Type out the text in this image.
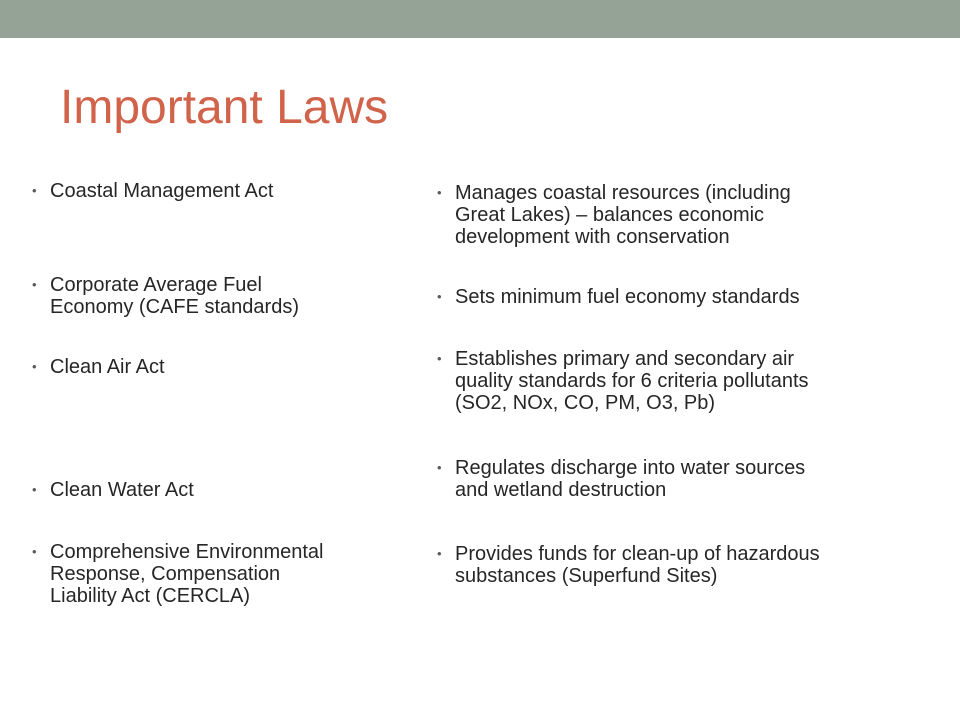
Important Laws
• Coastal Management Act
• Corporate Average Fuel
Economy (CAFE standards)
• Clean Air Act
• Clean Water Act
• Comprehensive Environmental
Response, Compensation
Liability Act (CERCLA)
• Manages coastal resources (including
Great Lakes) – balances economic
development with conservation
• Sets minimum fuel economy standards
• Establishes primary and secondary air
quality standards for 6 criteria pollutants
(SO2, NOx, CO, PM, O3, Pb)
• Regulates discharge into water sources
and wetland destruction
• Provides funds for clean-up of hazardous
substances (Superfund Sites)
